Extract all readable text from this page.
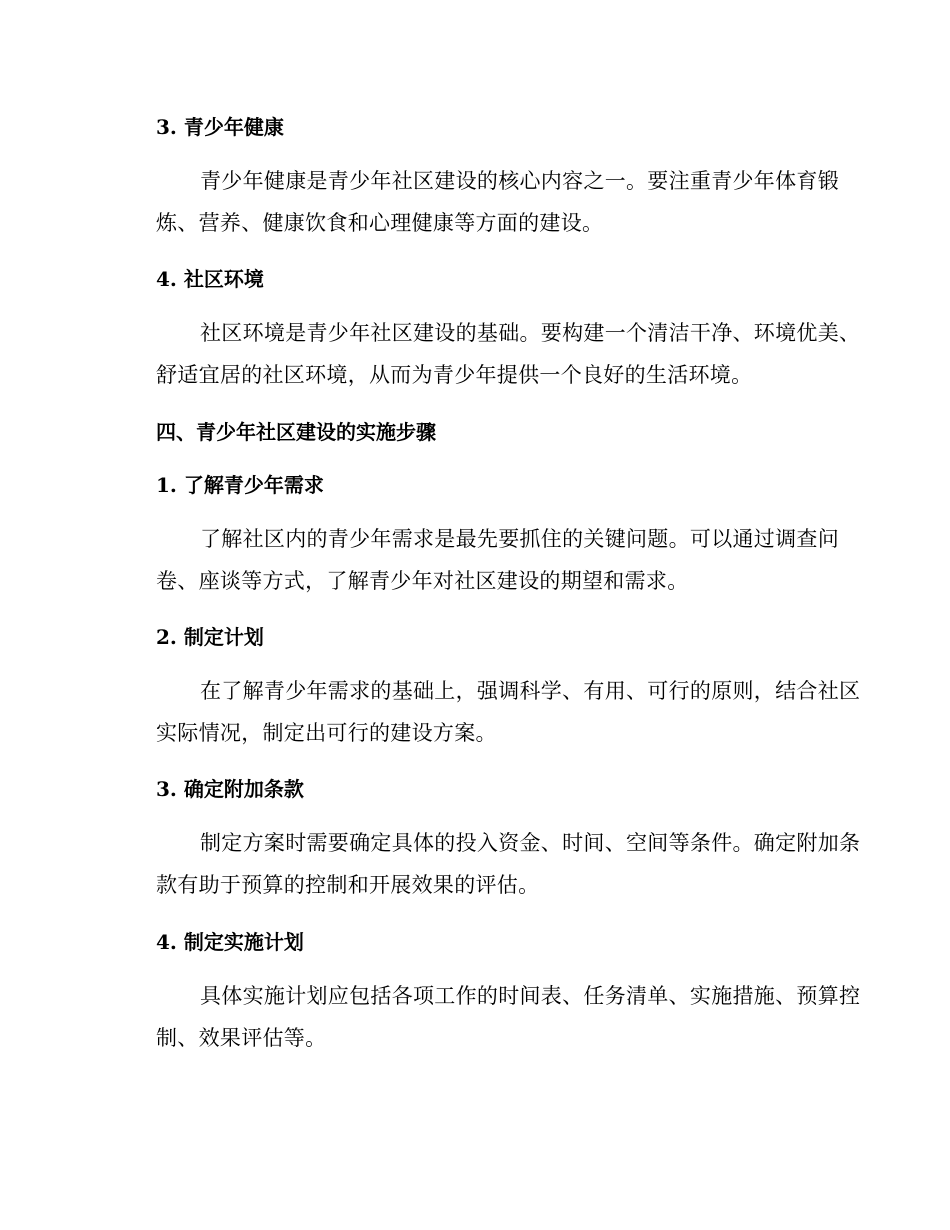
3. 青少年健康
青少年健康是青少年社区建设的核心内容之一。要注重青少年体育锻
炼、营养、健康饮食和心理健康等方面的建设。
4. 社区环境
社区环境是青少年社区建设的基础。要构建一个清洁干净、环境优美、
舒适宜居的社区环境，从而为青少年提供一个良好的生活环境。
四、青少年社区建设的实施步骤
1. 了解青少年需求
了解社区内的青少年需求是最先要抓住的关键问题。可以通过调查问
卷、座谈等方式，了解青少年对社区建设的期望和需求。
2. 制定计划
在了解青少年需求的基础上，强调科学、有用、可行的原则，结合社区
实际情况，制定出可行的建设方案。
3. 确定附加条款
制定方案时需要确定具体的投入资金、时间、空间等条件。确定附加条
款有助于预算的控制和开展效果的评估。
4. 制定实施计划
具体实施计划应包括各项工作的时间表、任务清单、实施措施、预算控
制、效果评估等。
